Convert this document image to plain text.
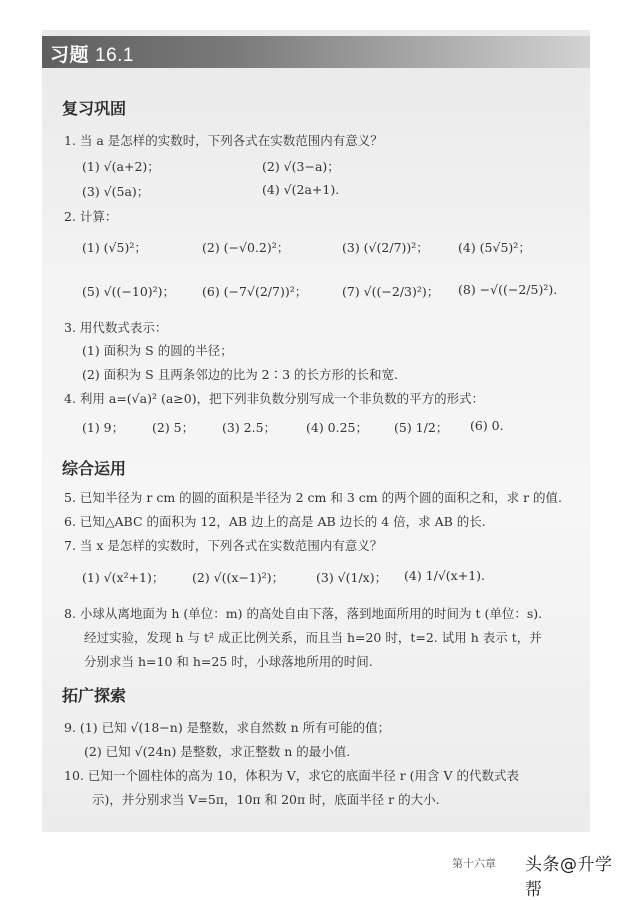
习题 16.1
复习巩固
1. 当 a 是怎样的实数时，下列各式在实数范围内有意义？
(1) √(a+2)；	(2) √(3−a)；
(3) √(5a)；	(4) √(2a+1).
2. 计算：
(1) (√5)²；	(2) (−√0.2)²；	(3) (√(2/7))²； (4) (5√5)²；
(5) √((−10)²)； (6) (−7√(2/7))²；	(7) √((−2/3)²)； (8) −√((−2/5)²).
3. 用代数式表示：
(1) 面积为 S 的圆的半径；
(2) 面积为 S 且两条邻边的比为 2∶3 的长方形的长和宽.
4. 利用 a=(√a)² (a≥0)，把下列非负数分别写成一个非负数的平方的形式：
(1) 9； (2) 5； (3) 2.5； (4) 0.25； (5) 1/2； (6) 0.
综合运用
5. 已知半径为 r cm 的圆的面积是半径为 2 cm 和 3 cm 的两个圆的面积之和，求 r 的值.
6. 已知△ABC 的面积为 12，AB 边上的高是 AB 边长的 4 倍，求 AB 的长.
7. 当 x 是怎样的实数时，下列各式在实数范围内有意义？
(1) √(x²+1)； (2) √((x−1)²)；	(3) √(1/x)； (4) 1/√(x+1).
8. 小球从离地面为 h (单位：m) 的高处自由下落，落到地面所用的时间为 t (单位：s).
经过实验，发现 h 与 t² 成正比例关系，而且当 h=20 时，t=2. 试用 h 表示 t，并
分别求当 h=10 和 h=25 时，小球落地所用的时间.
拓广探索
9. (1) 已知 √(18−n) 是整数，求自然数 n 所有可能的值；
(2) 已知 √(24n) 是整数，求正整数 n 的最小值.
10. 已知一个圆柱体的高为 10，体积为 V，求它的底面半径 r (用含 V 的代数式表
示)，并分别求当 V=5π，10π 和 20π 时，底面半径 r 的大小.
第十六章 头条@升学帮
